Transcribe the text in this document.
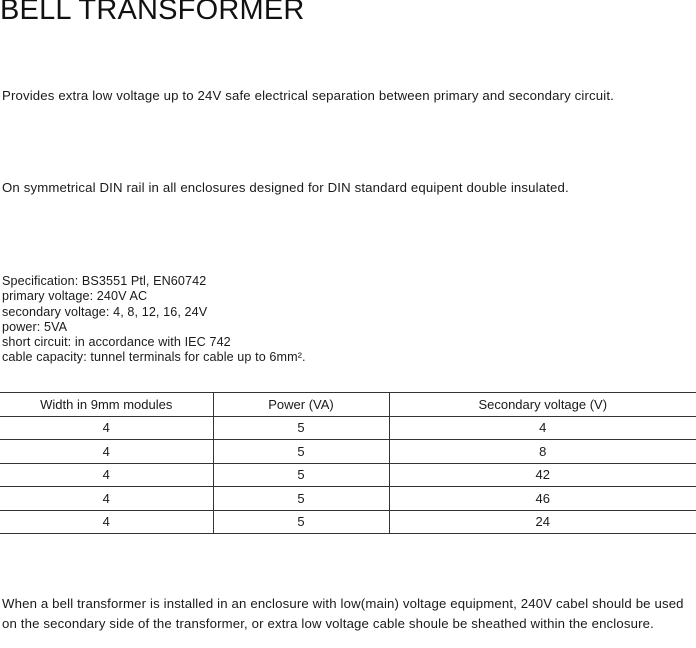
BELL TRANSFORMER
Provides extra low voltage up to 24V safe electrical separation between primary and secondary circuit.
On symmetrical DIN rail in all enclosures designed for DIN standard equipent double insulated.
Specification: BS3551 Ptl, EN60742
primary voltage: 240V AC
secondary voltage: 4, 8, 12, 16, 24V
power: 5VA
short circuit: in accordance with IEC 742
cable capacity: tunnel terminals for cable up to 6mm².
Width in 9mm modules	Power (VA)	Secondary voltage (V)
4	5	4
4	5	8
4	5	42
4	5	46
4	5	24
When a bell transformer is installed in an enclosure with low(main) voltage equipment, 240V cabel should be used on the secondary side of the transformer, or extra low voltage cable shoule be sheathed within the enclosure.
